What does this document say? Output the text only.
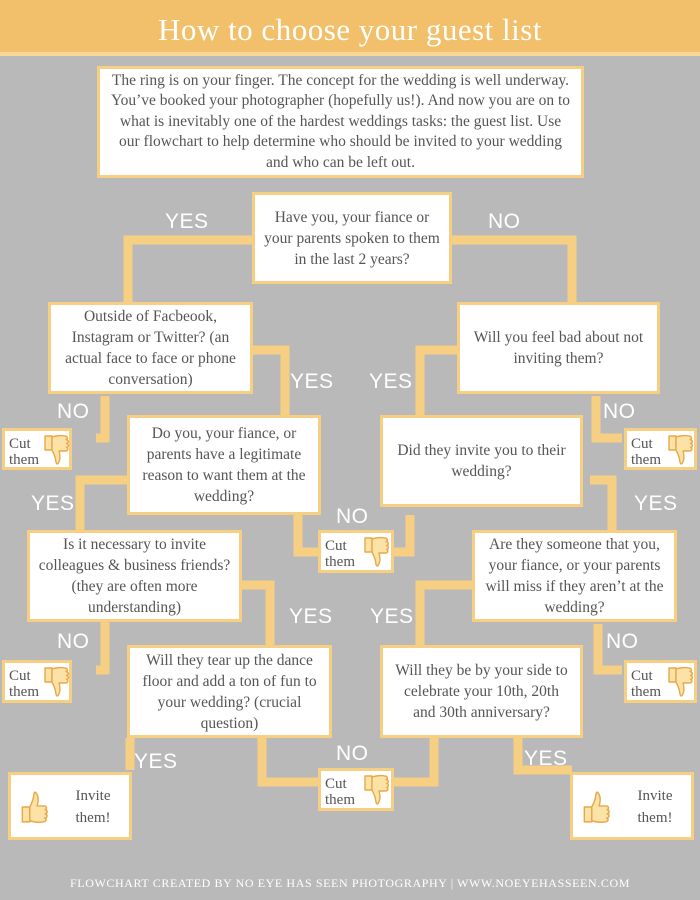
How to choose your guest list
The ring is on your finger. The concept for the wedding is well underway. You’ve booked your photographer (hopefully us!). And now you are on to what is inevitably one of the hardest weddings tasks: the guest list. Use our flowchart to help determine who should be invited to your wedding and who can be left out.
Have you, your fiance or your parents spoken to them in the last 2 years?
Outside of Facbeook, Instagram or Twitter? (an actual face to face or phone conversation)
Will you feel bad about not inviting them?
Do you, your fiance, or parents have a legitimate reason to want them at the wedding?
Did they invite you to their wedding?
Is it necessary to invite colleagues & business friends? (they are often more understanding)
Are they someone that you, your fiance, or your parents will miss if they aren’t at the wedding?
Will they tear up the dance floor and add a ton of fun to your wedding? (crucial question)
Will they be by your side to celebrate your 10th, 20th and 30th anniversary?
YES	NO
YES YES
NO	NO
YES	YES
NO
YES YES
NO	NO
YES	NO	YES
Cut them
Cut them
Cut them
Cut them
Cut them
Cut them
Invite them!
Invite them!
FLOWCHART CREATED BY NO EYE HAS SEEN PHOTOGRAPHY | WWW.NOEYEHASSEEN.COM
